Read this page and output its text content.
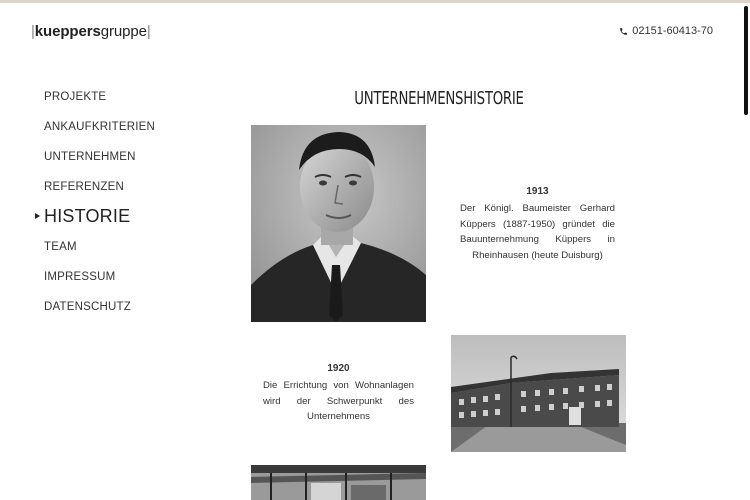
|kueppersgruppe|	02151-60413-70
PROJEKTE
ANKAUFKRITERIEN
UNTERNEHMEN
REFERENZEN
HISTORIE
TEAM
IMPRESSUM
DATENSCHUTZ
UNTERNEHMENSHISTORIE
1913
Der Königl. Baumeister Gerhard Küppers (1887-1950) gründet die Bauunternehmung Küppers in Rheinhausen (heute Duisburg)
1920
Die Errichtung von Wohnanlagen wird der Schwerpunkt des Unternehmens
